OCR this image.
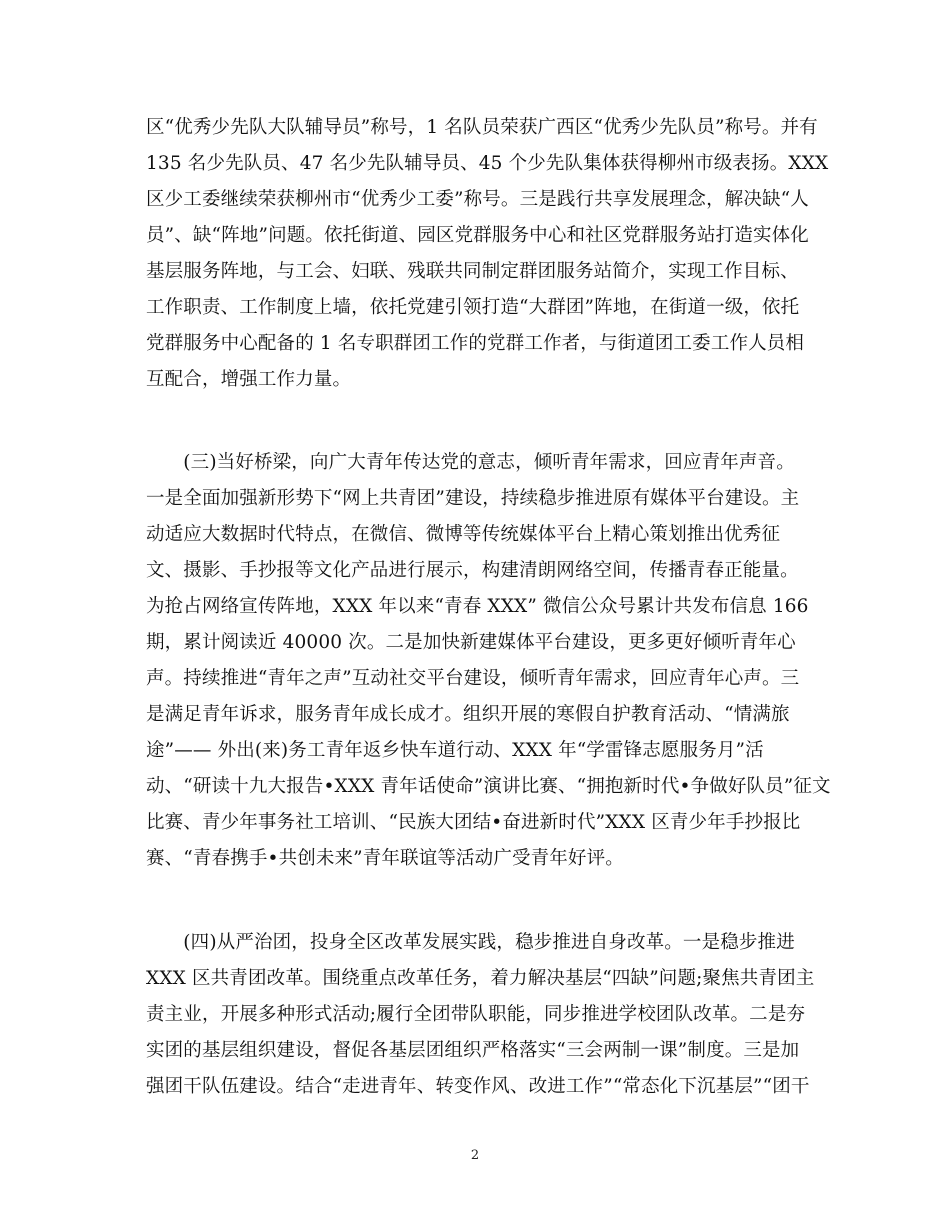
区“优秀少先队大队辅导员”称号，1 名队员荣获广西区“优秀少先队员”称号。并有
135 名少先队员、47 名少先队辅导员、45 个少先队集体获得柳州市级表扬。XXX
区少工委继续荣获柳州市“优秀少工委”称号。三是践行共享发展理念，解决缺“人
员”、缺“阵地”问题。依托街道、园区党群服务中心和社区党群服务站打造实体化
基层服务阵地，与工会、妇联、残联共同制定群团服务站简介，实现工作目标、
工作职责、工作制度上墙，依托党建引领打造“大群团”阵地，在街道一级，依托
党群服务中心配备的 1 名专职群团工作的党群工作者，与街道团工委工作人员相
互配合，增强工作力量。
　　(三)当好桥梁，向广大青年传达党的意志，倾听青年需求，回应青年声音。
一是全面加强新形势下“网上共青团”建设，持续稳步推进原有媒体平台建设。主
动适应大数据时代特点，在微信、微博等传统媒体平台上精心策划推出优秀征
文、摄影、手抄报等文化产品进行展示，构建清朗网络空间，传播青春正能量。
为抢占网络宣传阵地，XXX 年以来“青春 XXX” 微信公众号累计共发布信息 166
期，累计阅读近 40000 次。二是加快新建媒体平台建设，更多更好倾听青年心
声。持续推进“青年之声”互动社交平台建设，倾听青年需求，回应青年心声。三
是满足青年诉求，服务青年成长成才。组织开展的寒假自护教育活动、“情满旅
途”—— 外出(来)务工青年返乡快车道行动、XXX 年“学雷锋志愿服务月”活
动、“研读十九大报告•XXX 青年话使命”演讲比赛、“拥抱新时代•争做好队员”征文
比赛、青少年事务社工培训、“民族大团结•奋进新时代”XXX 区青少年手抄报比
赛、“青春携手•共创未来”青年联谊等活动广受青年好评。
　　(四)从严治团，投身全区改革发展实践，稳步推进自身改革。一是稳步推进
XXX 区共青团改革。围绕重点改革任务，着力解决基层“四缺”问题;聚焦共青团主
责主业，开展多种形式活动;履行全团带队职能，同步推进学校团队改革。二是夯
实团的基层组织建设，督促各基层团组织严格落实“三会两制一课”制度。三是加
强团干队伍建设。结合“走进青年、转变作风、改进工作”“常态化下沉基层”“团干
2
